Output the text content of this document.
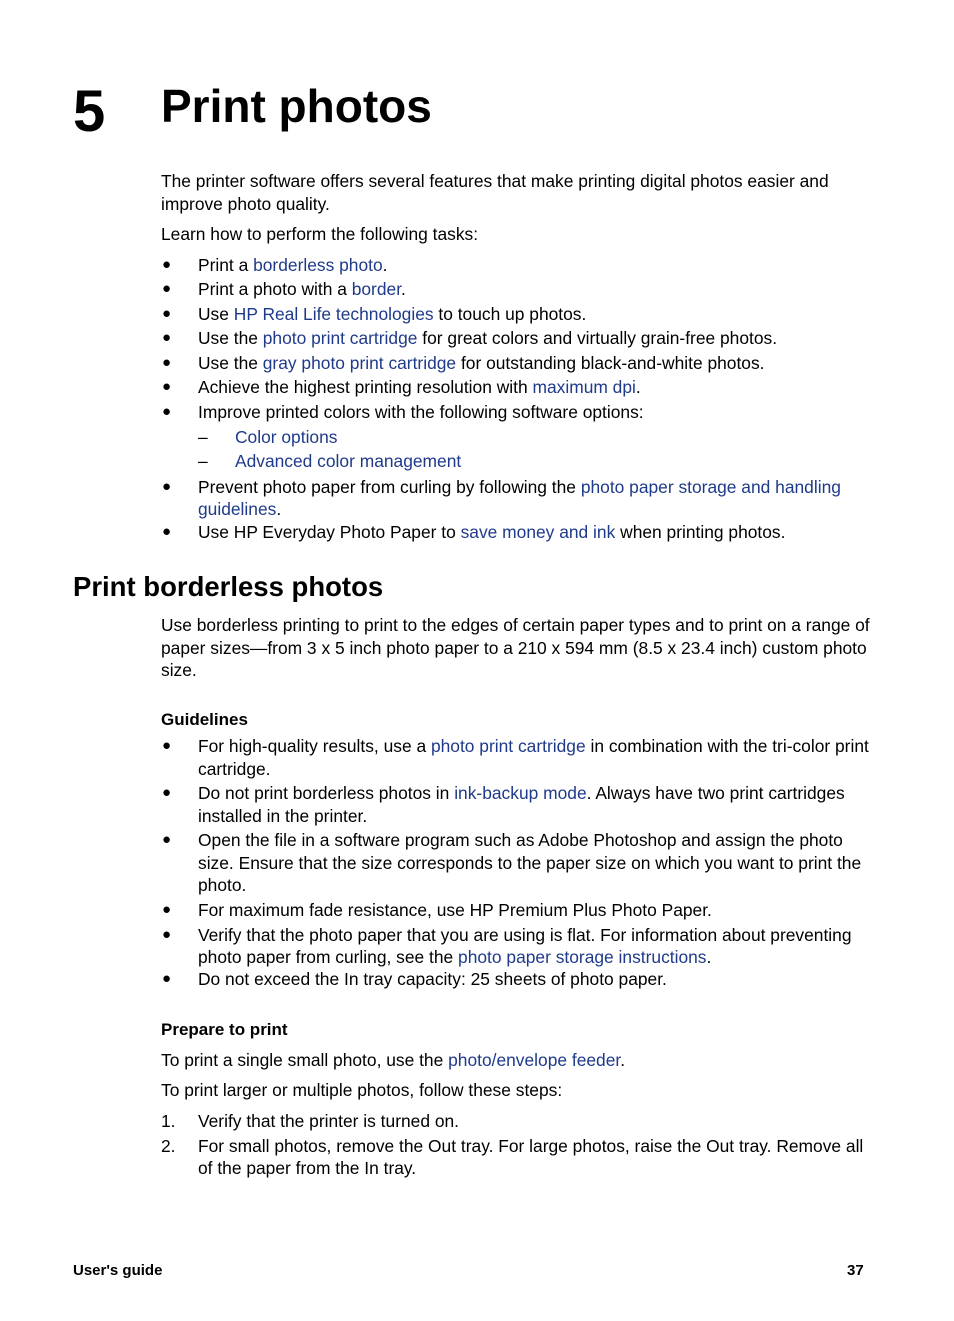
5 Print photos

The printer software offers several features that make printing digital photos easier and improve photo quality.

Learn how to perform the following tasks:

● Print a borderless photo.
● Print a photo with a border.
● Use HP Real Life technologies to touch up photos.
● Use the photo print cartridge for great colors and virtually grain-free photos.
● Use the gray photo print cartridge for outstanding black-and-white photos.
● Achieve the highest printing resolution with maximum dpi.
● Improve printed colors with the following software options:
– Color options
– Advanced color management
● Prevent photo paper from curling by following the photo paper storage and handling guidelines.
● Use HP Everyday Photo Paper to save money and ink when printing photos.
Print borderless photos

Use borderless printing to print to the edges of certain paper types and to print on a range of paper sizes—from 3 x 5 inch photo paper to a 210 x 594 mm (8.5 x 23.4 inch) custom photo size.

Guidelines
● For high-quality results, use a photo print cartridge in combination with the tri-color print cartridge.
● Do not print borderless photos in ink-backup mode. Always have two print cartridges installed in the printer.
● Open the file in a software program such as Adobe Photoshop and assign the photo size. Ensure that the size corresponds to the paper size on which you want to print the photo.
● For maximum fade resistance, use HP Premium Plus Photo Paper.
● Verify that the photo paper that you are using is flat. For information about preventing photo paper from curling, see the photo paper storage instructions.
● Do not exceed the In tray capacity: 25 sheets of photo paper.
Prepare to print

To print a single small photo, use the photo/envelope feeder.

To print larger or multiple photos, follow these steps:

1. Verify that the printer is turned on.
2. For small photos, remove the Out tray. For large photos, raise the Out tray. Remove all of the paper from the In tray.
User's guide	37
